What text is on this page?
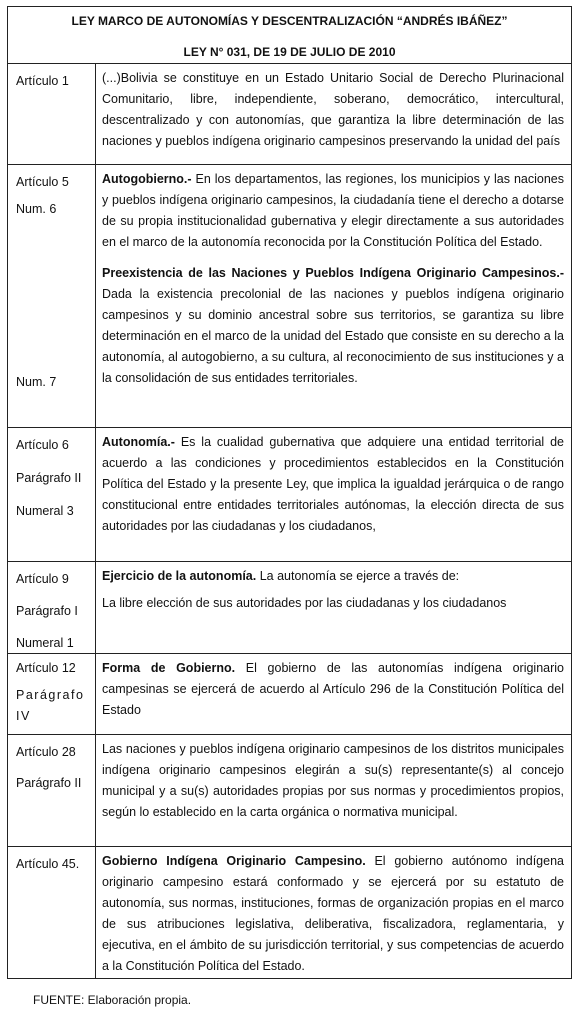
LEY MARCO DE AUTONOMÍAS Y DESCENTRALIZACIÓN “ANDRÉS IBÁÑEZ”
LEY N° 031, DE 19 DE JULIO DE 2010
Artículo 1	(...)Bolivia se constituye en un Estado Unitario Social de Derecho Plurinacional Comunitario, libre, independiente, soberano, democrático, intercultural, descentralizado y con autonomías, que garantiza la libre determinación de las naciones y pueblos indígena originario campesinos preservando la unidad del país

Artículo 5
Num. 6
Num. 7

Autogobierno.- En los departamentos, las regiones, los municipios y las naciones y pueblos indígena originario campesinos, la ciudadanía tiene el derecho a dotarse de su propia institucionalidad gubernativa y elegir directamente a sus autoridades en el marco de la autonomía reconocida por la Constitución Política del Estado.

Preexistencia de las Naciones y Pueblos Indígena Originario Campesinos.- Dada la existencia precolonial de las naciones y pueblos indígena originario campesinos y su dominio ancestral sobre sus territorios, se garantiza su libre determinación en el marco de la unidad del Estado que consiste en su derecho a la autonomía, al autogobierno, a su cultura, al reconocimiento de sus instituciones y a la consolidación de sus entidades territoriales.

Artículo 6
Parágrafo II
Numeral 3

Autonomía.- Es la cualidad gubernativa que adquiere una entidad territorial de acuerdo a las condiciones y procedimientos establecidos en la Constitución Política del Estado y la presente Ley, que implica la igualdad jerárquica o de rango constitucional entre entidades territoriales autónomas, la elección directa de sus autoridades por las ciudadanas y los ciudadanos,

Artículo 9
Parágrafo I
Numeral 1

Ejercicio de la autonomía. La autonomía se ejerce a través de:

La libre elección de sus autoridades por las ciudadanas y los ciudadanos

Artículo 12
Parágrafo IV

Forma de Gobierno. El gobierno de las autonomías indígena originario campesinas se ejercerá de acuerdo al Artículo 296 de la Constitución Política del Estado

Artículo 28
Parágrafo II

Las naciones y pueblos indígena originario campesinos de los distritos municipales indígena originario campesinos elegirán a su(s) representante(s) al concejo municipal y a su(s) autoridades propias por sus normas y procedimientos propios, según lo establecido en la carta orgánica o normativa municipal.

Artículo 45.	Gobierno Indígena Originario Campesino. El gobierno autónomo indígena originario campesino estará conformado y se ejercerá por su estatuto de autonomía, sus normas, instituciones, formas de organización propias en el marco de sus atribuciones legislativa, deliberativa, fiscalizadora, reglamentaria, y ejecutiva, en el ámbito de su jurisdicción territorial, y sus competencias de acuerdo a la Constitución Política del Estado.

FUENTE: Elaboración propia.
